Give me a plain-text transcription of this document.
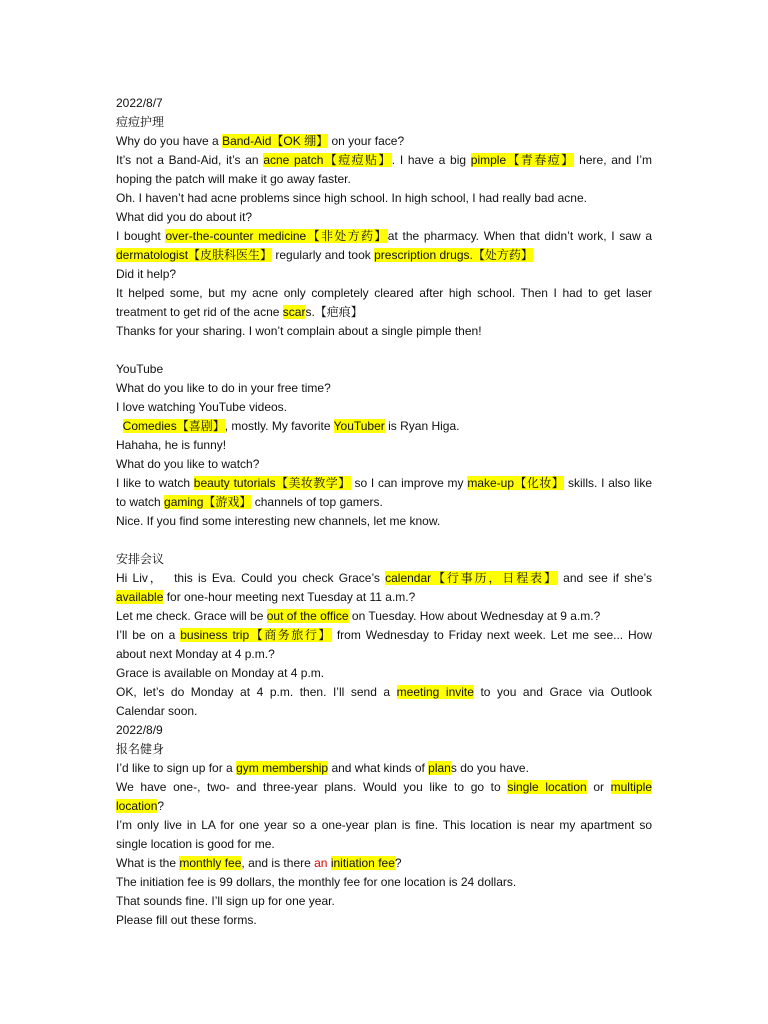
2022/8/7
痘痘护理
Why do you have a Band-Aid【OK 绷】 on your face?
It’s not a Band-Aid, it’s an acne patch【痘痘贴】. I have a big pimple【青春痘】 here, and I’m
hoping the patch will make it go away faster.
Oh. I haven’t had acne problems since high school. In high school, I had really bad acne.
What did you do about it?
I bought over-the-counter medicine【非处方药】at the pharmacy. When that didn’t work, I saw a
dermatologist【皮肤科医生】 regularly and took prescription drugs.【处方药】
Did it help?
It helped some, but my acne only completely cleared after high school. Then I had to get laser
treatment to get rid of the acne scars.【疤痕】
Thanks for your sharing. I won’t complain about a single pimple then!
YouTube
What do you like to do in your free time?
I love watching YouTube videos.
Comedies【喜剧】, mostly. My favorite YouTuber is Ryan Higa.
Hahaha, he is funny!
What do you like to watch?
I like to watch beauty tutorials【美妆教学】 so I can improve my make-up【化妆】 skills. I also like
to watch gaming【游戏】 channels of top gamers.
Nice. If you find some interesting new channels, let me know.
安排会议
Hi Liv，  this is Eva. Could you check Grace’s calendar【行事历，日程表】 and see if she’s
available for one-hour meeting next Tuesday at 11 a.m.?
Let me check. Grace will be out of the office on Tuesday. How about Wednesday at 9 a.m.?
I’ll be on a business trip【商务旅行】 from Wednesday to Friday next week. Let me see... How
about next Monday at 4 p.m.?
Grace is available on Monday at 4 p.m.
OK, let’s do Monday at 4 p.m. then. I’ll send a meeting invite to you and Grace via Outlook
Calendar soon.
2022/8/9
报名健身
I’d like to sign up for a gym membership and what kinds of plans do you have.
We have one-, two- and three-year plans. Would you like to go to single location or multiple
location?
I’m only live in LA for one year so a one-year plan is fine. This location is near my apartment so
single location is good for me.
What is the monthly fee, and is there an initiation fee?
The initiation fee is 99 dollars, the monthly fee for one location is 24 dollars.
That sounds fine. I’ll sign up for one year.
Please fill out these forms.
